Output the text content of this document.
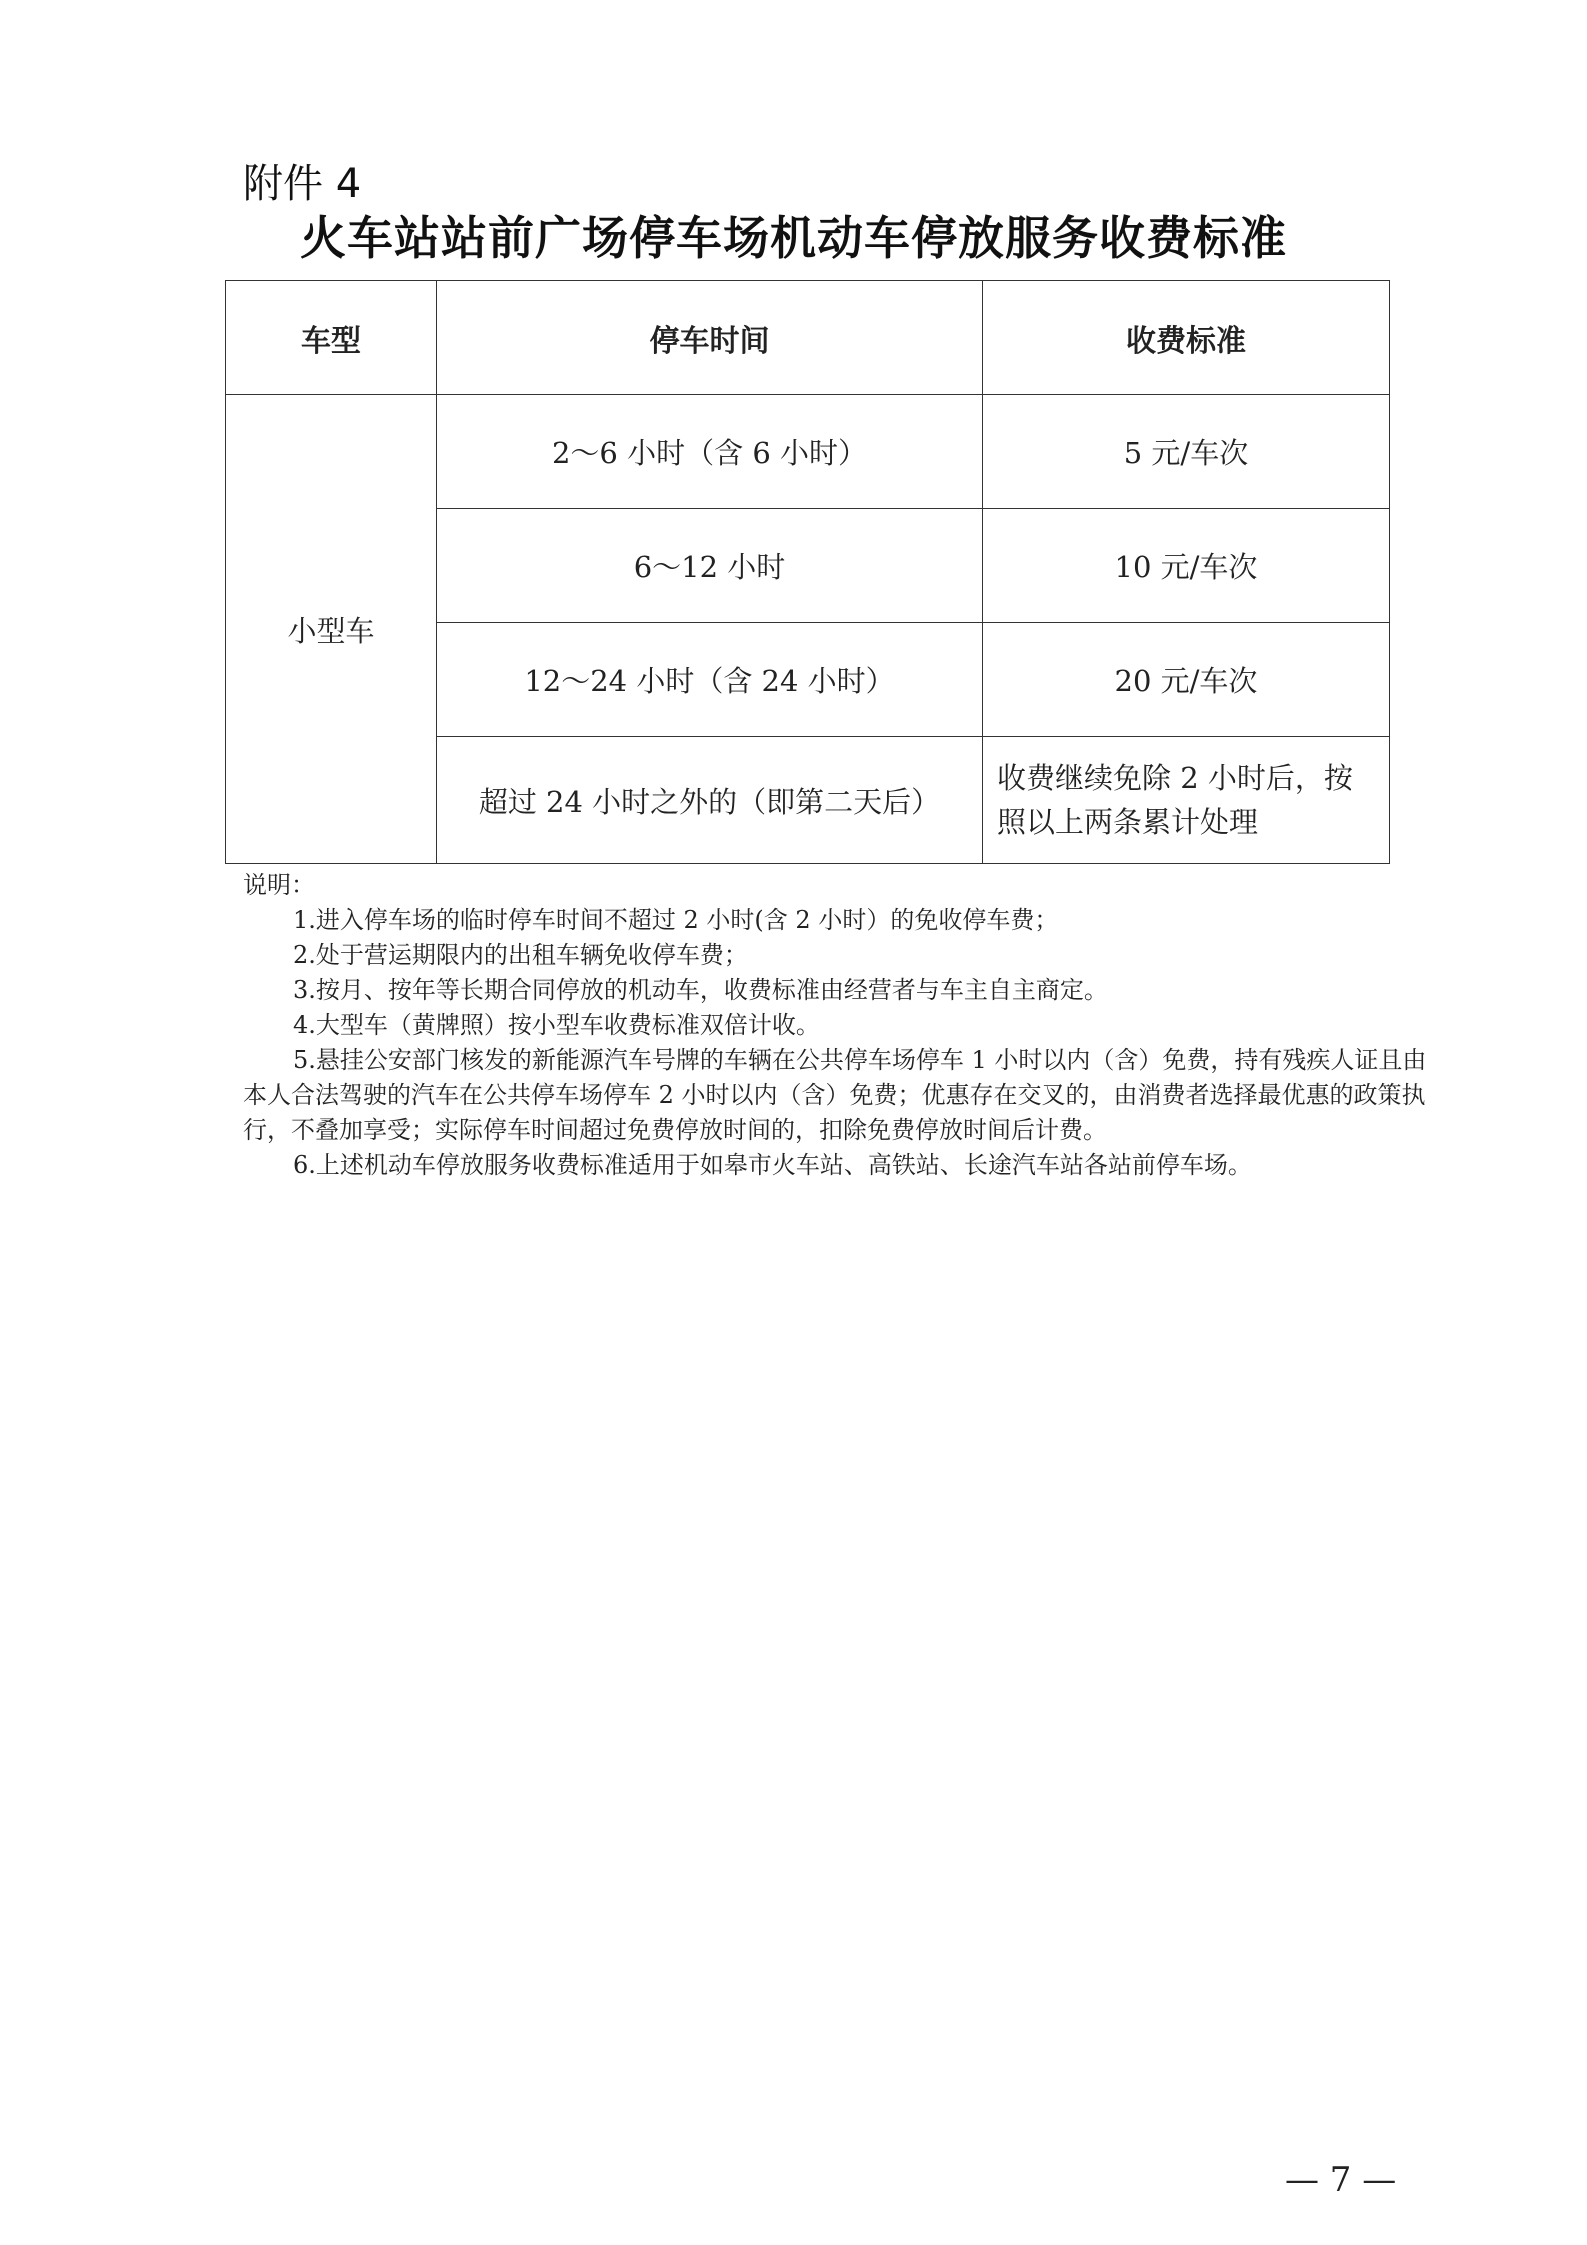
附件 4
火车站站前广场停车场机动车停放服务收费标准
车型	停车时间	收费标准
小型车	2～6 小时（含 6 小时）	5 元/车次
	6～12 小时	10 元/车次
	12～24 小时（含 24 小时）	20 元/车次
	超过 24 小时之外的（即第二天后）	收费继续免除 2 小时后，按照以上两条累计处理

说明：

1.进入停车场的临时停车时间不超过 2 小时(含 2 小时）的免收停车费；

2.处于营运期限内的出租车辆免收停车费；

3.按月、按年等长期合同停放的机动车，收费标准由经营者与车主自主商定。

4.大型车（黄牌照）按小型车收费标准双倍计收。

5.悬挂公安部门核发的新能源汽车号牌的车辆在公共停车场停车 1 小时以内（含）免费，持有残疾人证且由本人合法驾驶的汽车在公共停车场停车 2 小时以内（含）免费；优惠存在交叉的，由消费者选择最优惠的政策执行，不叠加享受；实际停车时间超过免费停放时间的，扣除免费停放时间后计费。

6.上述机动车停放服务收费标准适用于如皋市火车站、高铁站、长途汽车站各站前停车场。

— 7 —
